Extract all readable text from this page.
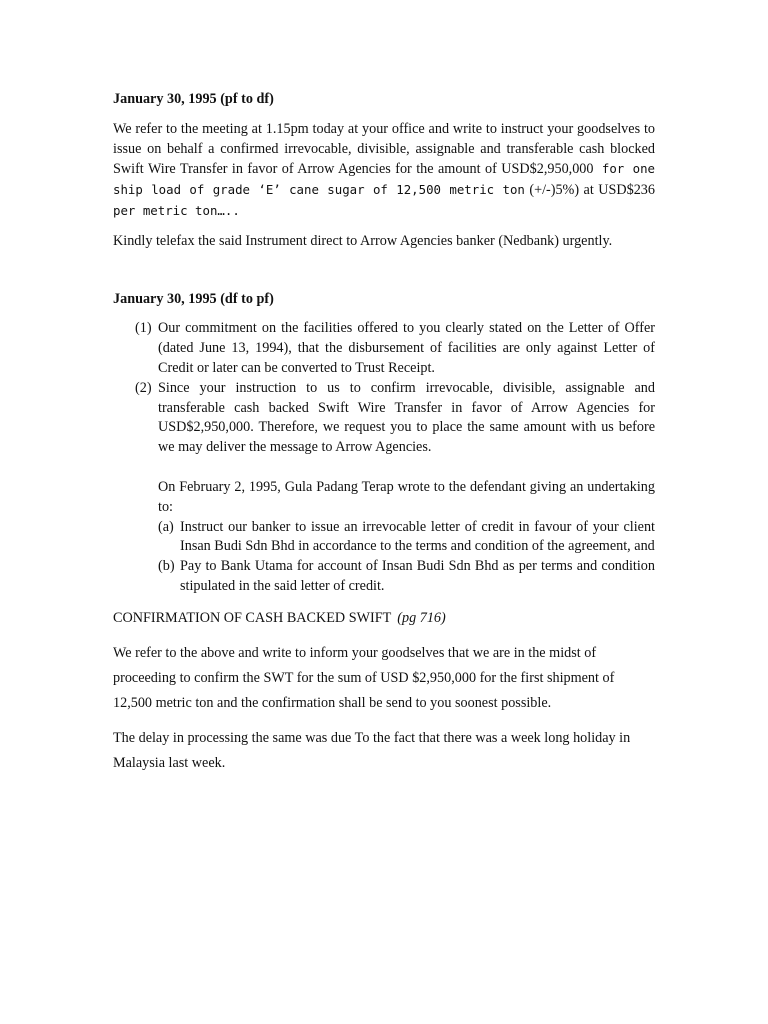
January 30, 1995 (pf to df)
We refer to the meeting at 1.15pm today at your office and write to instruct your goodselves to issue on behalf a confirmed irrevocable, divisible, assignable and transferable cash blocked Swift Wire Transfer in favor of Arrow Agencies for the amount of USD$2,950,000 for one ship load of grade ‘E’ cane sugar of 12,500 metric ton (+/-)5%) at USD$236 per metric ton…..
Kindly telefax the said Instrument direct to Arrow Agencies banker (Nedbank) urgently.
January 30, 1995 (df to pf)
(1) Our commitment on the facilities offered to you clearly stated on the Letter of Offer (dated June 13, 1994), that the disbursement of facilities are only against Letter of Credit or later can be converted to Trust Receipt.
(2) Since your instruction to us to confirm irrevocable, divisible, assignable and transferable cash backed Swift Wire Transfer in favor of Arrow Agencies for USD$2,950,000. Therefore, we request you to place the same amount with us before we may deliver the message to Arrow Agencies.
On February 2, 1995, Gula Padang Terap wrote to the defendant giving an undertaking to:
(a) Instruct our banker to issue an irrevocable letter of credit in favour of your client Insan Budi Sdn Bhd in accordance to the terms and condition of the agreement, and
(b) Pay to Bank Utama for account of Insan Budi Sdn Bhd as per terms and condition stipulated in the said letter of credit.
CONFIRMATION OF CASH BACKED SWIFT (pg 716)
We refer to the above and write to inform your goodselves that we are in the midst of proceeding to confirm the SWT for the sum of USD $2,950,000 for the first shipment of 12,500 metric ton and the confirmation shall be send to you soonest possible.
The delay in processing the same was due To the fact that there was a week long holiday in Malaysia last week.
